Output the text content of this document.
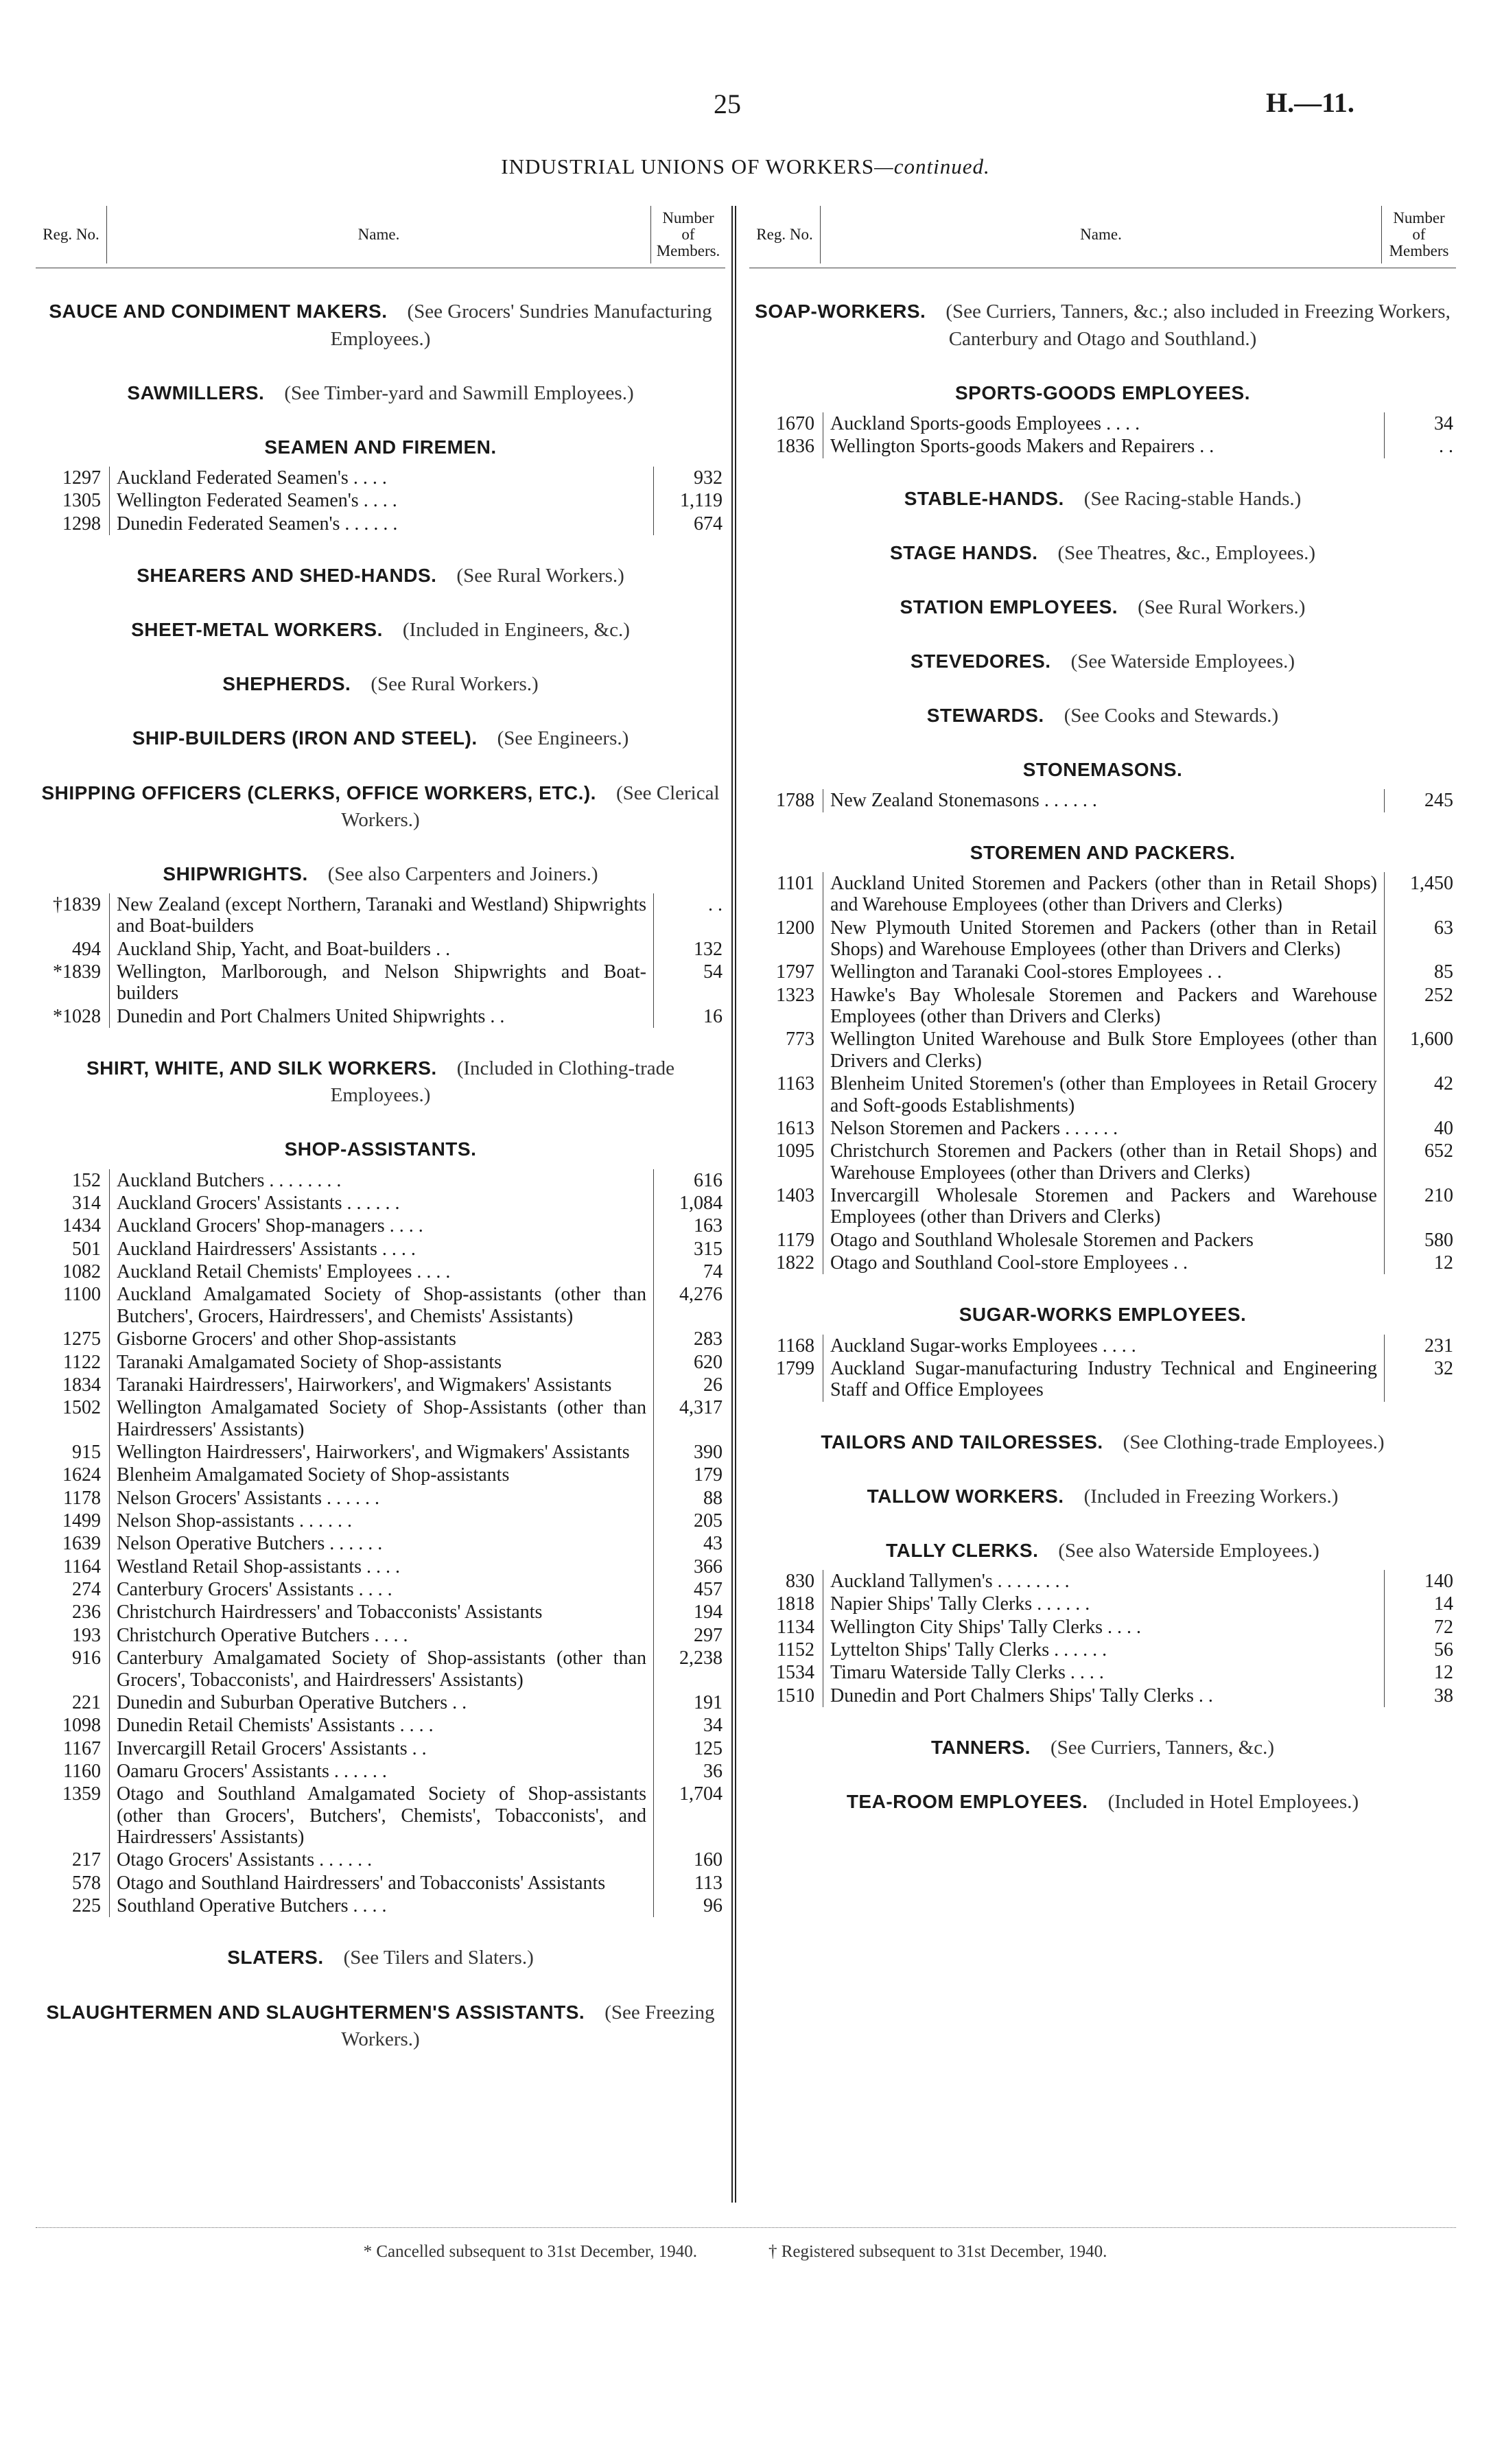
25	H.—11.
INDUSTRIAL UNIONS OF WORKERS—continued.
Reg. No.	Name.	Number of Members.
SAUCE AND CONDIMENT MAKERS. (See Grocers' Sundries Manufacturing Employees.)
SAWMILLERS. (See Timber-yard and Sawmill Employees.)
SEAMEN AND FIREMEN.
1297	Auckland Federated Seamen's . . . .	932
1305	Wellington Federated Seamen's . . . .	1,119
1298	Dunedin Federated Seamen's . . . . . .	674
SHEARERS AND SHED-HANDS. (See Rural Workers.)
SHEET-METAL WORKERS. (Included in Engineers, &c.)
SHEPHERDS. (See Rural Workers.)
SHIP-BUILDERS (IRON AND STEEL). (See Engineers.)
SHIPPING OFFICERS (CLERKS, OFFICE WORKERS, ETC.). (See Clerical Workers.)
SHIPWRIGHTS. (See also Carpenters and Joiners.)
†1839	New Zealand (except Northern, Taranaki and Westland) Shipwrights and Boat-builders	. .
494	Auckland Ship, Yacht, and Boat-builders . .	132
*1839	Wellington, Marlborough, and Nelson Shipwrights and Boat-builders	54
*1028	Dunedin and Port Chalmers United Shipwrights . .	16
SHIRT, WHITE, AND SILK WORKERS. (Included in Clothing-trade Employees.)
SHOP-ASSISTANTS.
152	Auckland Butchers . . . . . . . .	616
314	Auckland Grocers' Assistants . . . . . .	1,084
1434	Auckland Grocers' Shop-managers . . . .	163
501	Auckland Hairdressers' Assistants . . . .	315
1082	Auckland Retail Chemists' Employees . . . .	74
1100	Auckland Amalgamated Society of Shop-assistants (other than Butchers', Grocers, Hairdressers', and Chemists' Assistants)	4,276
1275	Gisborne Grocers' and other Shop-assistants	283
1122	Taranaki Amalgamated Society of Shop-assistants	620
1834	Taranaki Hairdressers', Hairworkers', and Wigmakers' Assistants	26
1502	Wellington Amalgamated Society of Shop-Assistants (other than Hairdressers' Assistants)	4,317
915	Wellington Hairdressers', Hairworkers', and Wigmakers' Assistants	390
1624	Blenheim Amalgamated Society of Shop-assistants	179
1178	Nelson Grocers' Assistants . . . . . .	88
1499	Nelson Shop-assistants . . . . . .	205
1639	Nelson Operative Butchers . . . . . .	43
1164	Westland Retail Shop-assistants . . . .	366
274	Canterbury Grocers' Assistants . . . .	457
236	Christchurch Hairdressers' and Tobacconists' Assistants	194
193	Christchurch Operative Butchers . . . .	297
916	Canterbury Amalgamated Society of Shop-assistants (other than Grocers', Tobacconists', and Hairdressers' Assistants)	2,238
221	Dunedin and Suburban Operative Butchers . .	191
1098	Dunedin Retail Chemists' Assistants . . . .	34
1167	Invercargill Retail Grocers' Assistants . .	125
1160	Oamaru Grocers' Assistants . . . . . .	36
1359	Otago and Southland Amalgamated Society of Shop-assistants (other than Grocers', Butchers', Chemists', Tobacconists', and Hairdressers' Assistants)	1,704
217	Otago Grocers' Assistants . . . . . .	160
578	Otago and Southland Hairdressers' and Tobacconists' Assistants	113
225	Southland Operative Butchers . . . .	96
SLATERS. (See Tilers and Slaters.)
SLAUGHTERMEN AND SLAUGHTERMEN'S ASSISTANTS. (See Freezing Workers.)
Reg. No.	Name.	Number of Members
SOAP-WORKERS. (See Curriers, Tanners, &c.; also included in Freezing Workers, Canterbury and Otago and Southland.)
SPORTS-GOODS EMPLOYEES.
1670	Auckland Sports-goods Employees . . . .	34
1836	Wellington Sports-goods Makers and Repairers . .	. .
STABLE-HANDS. (See Racing-stable Hands.)
STAGE HANDS. (See Theatres, &c., Employees.)
STATION EMPLOYEES. (See Rural Workers.)
STEVEDORES. (See Waterside Employees.)
STEWARDS. (See Cooks and Stewards.)
STONEMASONS.
1788	New Zealand Stonemasons . . . . . .	245
STOREMEN AND PACKERS.
1101	Auckland United Storemen and Packers (other than in Retail Shops) and Warehouse Employees (other than Drivers and Clerks)	1,450
1200	New Plymouth United Storemen and Packers (other than in Retail Shops) and Warehouse Employees (other than Drivers and Clerks)	63
1797	Wellington and Taranaki Cool-stores Employees . .	85
1323	Hawke's Bay Wholesale Storemen and Packers and Warehouse Employees (other than Drivers and Clerks)	252
773	Wellington United Warehouse and Bulk Store Employees (other than Drivers and Clerks)	1,600
1163	Blenheim United Storemen's (other than Employees in Retail Grocery and Soft-goods Establishments)	42
1613	Nelson Storemen and Packers . . . . . .	40
1095	Christchurch Storemen and Packers (other than in Retail Shops) and Warehouse Employees (other than Drivers and Clerks)	652
1403	Invercargill Wholesale Storemen and Packers and Warehouse Employees (other than Drivers and Clerks)	210
1179	Otago and Southland Wholesale Storemen and Packers	580
1822	Otago and Southland Cool-store Employees . .	12
SUGAR-WORKS EMPLOYEES.
1168	Auckland Sugar-works Employees . . . .	231
1799	Auckland Sugar-manufacturing Industry Technical and Engineering Staff and Office Employees	32
TAILORS AND TAILORESSES. (See Clothing-trade Employees.)
TALLOW WORKERS. (Included in Freezing Workers.)
TALLY CLERKS. (See also Waterside Employees.)
830	Auckland Tallymen's . . . . . . . .	140
1818	Napier Ships' Tally Clerks . . . . . .	14
1134	Wellington City Ships' Tally Clerks . . . .	72
1152	Lyttelton Ships' Tally Clerks . . . . . .	56
1534	Timaru Waterside Tally Clerks . . . .	12
1510	Dunedin and Port Chalmers Ships' Tally Clerks . .	38
TANNERS. (See Curriers, Tanners, &c.)
TEA-ROOM EMPLOYEES. (Included in Hotel Employees.)
* Cancelled subsequent to 31st December, 1940.	† Registered subsequent to 31st December, 1940.
